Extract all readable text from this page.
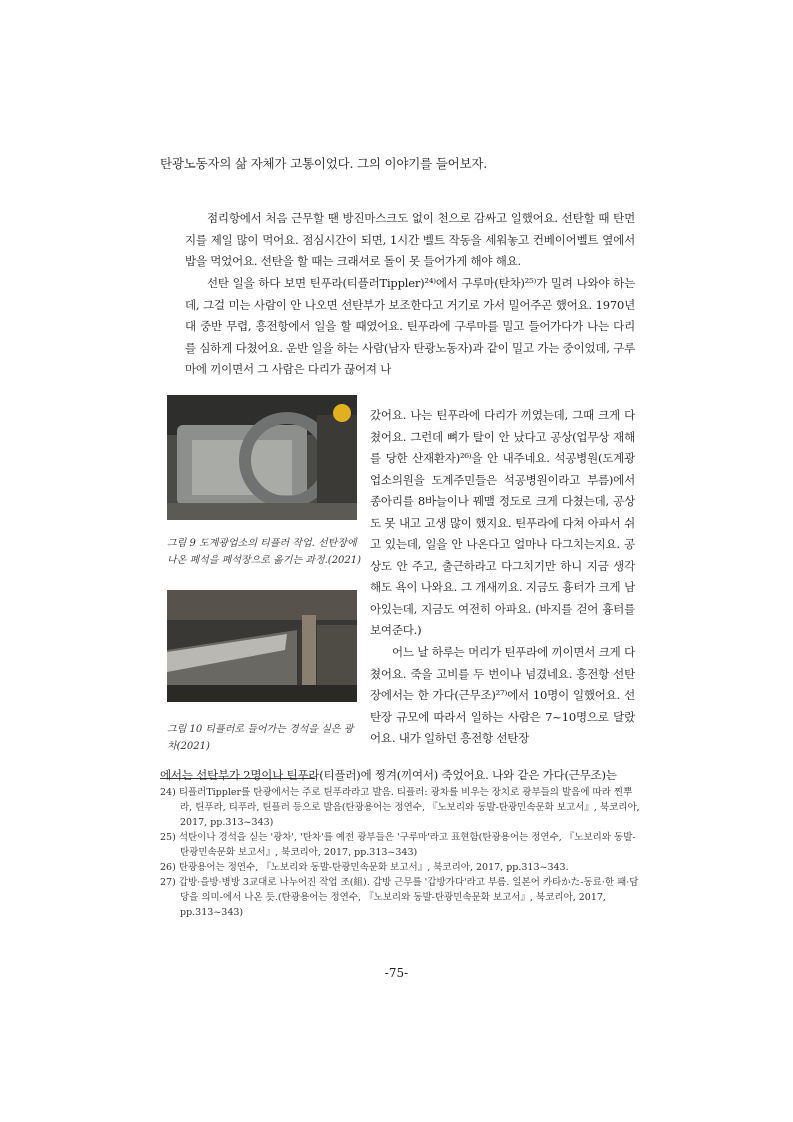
탄광노동자의 삶 자체가 고통이었다. 그의 이야기를 들어보자.

점리항에서 처음 근무할 땐 방진마스크도 없이 천으로 감싸고 일했어요. 선탄할 때 탄먼지를 제일 많이 먹어요. 점심시간이 되면, 1시간 벨트 작동을 세워놓고 컨베이어벨트 옆에서 밥을 먹었어요. 선탄을 할 때는 크래셔로 돌이 못 들어가게 해야 해요.

선탄 일을 하다 보면 틴푸라(티플러Tippler)²⁴⁾에서 구루마(탄차)²⁵⁾가 밀려 나와야 하는데, 그걸 미는 사람이 안 나오면 선탄부가 보조한다고 거기로 가서 밀어주곤 했어요. 1970년대 중반 무렵, 흥전항에서 일을 할 때였어요. 틴푸라에 구루마를 밀고 들어가다가 나는 다리를 심하게 다쳤어요. 운반 일을 하는 사람(남자 탄광노동자)과 같이 밀고 가는 중이었데, 구루마에 끼이면서 그 사람은 다리가 끊어져 나

그림 9 도계광업소의 티플러 작업. 선탄장에 나온 폐석을 폐석장으로 옮기는 과정.(2021)

그림 10 티플러로 들어가는 경석을 실은 광차(2021)

갔어요. 나는 틴푸라에 다리가 끼였는데, 그때 크게 다쳤어요. 그런데 뼈가 탈이 안 났다고 공상(업무상 재해를 당한 산재환자)²⁶⁾을 안 내주네요. 석공병원(도계광업소의원을 도계주민들은 석공병원이라고 부름)에서 종아리를 8바늘이나 꿰맬 정도로 크게 다쳤는데, 공상도 못 내고 고생 많이 했지요. 틴푸라에 다쳐 아파서 쉬고 있는데, 일을 안 나온다고 얼마나 다그치는지요. 공상도 안 주고, 출근하라고 다그치기만 하니 지금 생각해도 욕이 나와요. 그 개새끼요. 지금도 흉터가 크게 남아있는데, 지금도 여전히 아파요. (바지를 걷어 흉터를 보여준다.)

어느 날 하루는 머리가 틴푸라에 끼이면서 크게 다쳤어요. 죽을 고비를 두 번이나 넘겼네요. 흥전항 선탄장에서는 한 가다(근무조)²⁷⁾에서 10명이 일했어요. 선탄장 규모에 따라서 일하는 사람은 7~10명으로 달랐어요. 내가 일하던 흥전항 선탄장

에서는 선탄부가 2명이나 틴푸라(티플러)에 찡겨(끼여서) 죽었어요. 나와 같은 가다(근무조)는

24) 티플러Tippler를 탄광에서는 주로 틴푸라라고 발음. 티플러: 광차를 비우는 장치로 광부들의 발음에 따라 찐뿌라, 틴푸라, 티푸라, 틴플러 등으로 발음(탄광용어는 정연수, 『노보리와 동발-탄광민속문화 보고서』, 북코리아, 2017, pp.313~343)

25) 석탄이나 경석을 싣는 '광차', '탄차'를 예전 광부들은 '구루마'라고 표현함(탄광용어는 정연수, 『노보리와 동발-탄광민속문화 보고서』, 북코리아, 2017, pp.313~343)

26) 탄광용어는 정연수, 『노보리와 동발-탄광민속문화 보고서』, 북코리아, 2017, pp.313~343.

27) 갑방·을방·병방 3교대로 나누어진 작업 조(組). 갑방 근무를 '갑방가다'라고 부름. 일본어 카타かた-동료·한 패·담당을 의미-에서 나온 듯.(탄광용어는 정연수, 『노보리와 동발-탄광민속문화 보고서』, 북코리아, 2017, pp.313~343)

-75-
